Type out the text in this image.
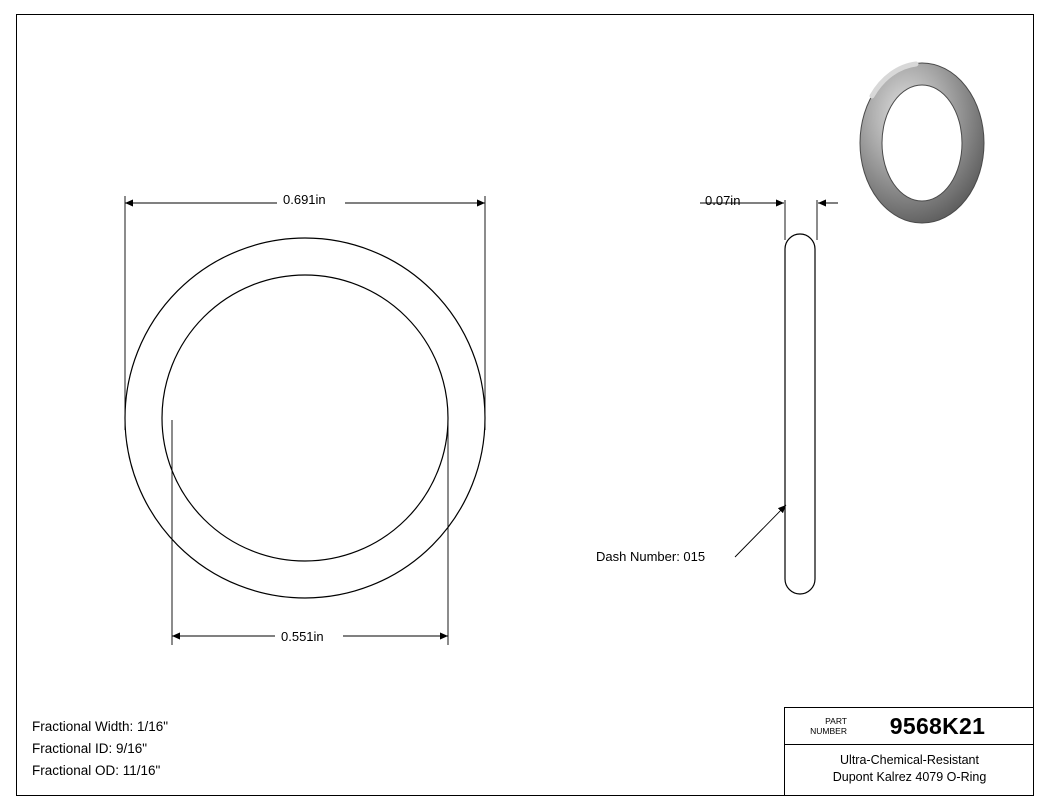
0.691in
0.551in
0.07in
Dash Number: 015
Fractional Width: 1/16"
Fractional ID: 9/16"
Fractional OD: 11/16"
PART
NUMBER	9568K21
Ultra-Chemical-Resistant
Dupont Kalrez 4079 O-Ring
